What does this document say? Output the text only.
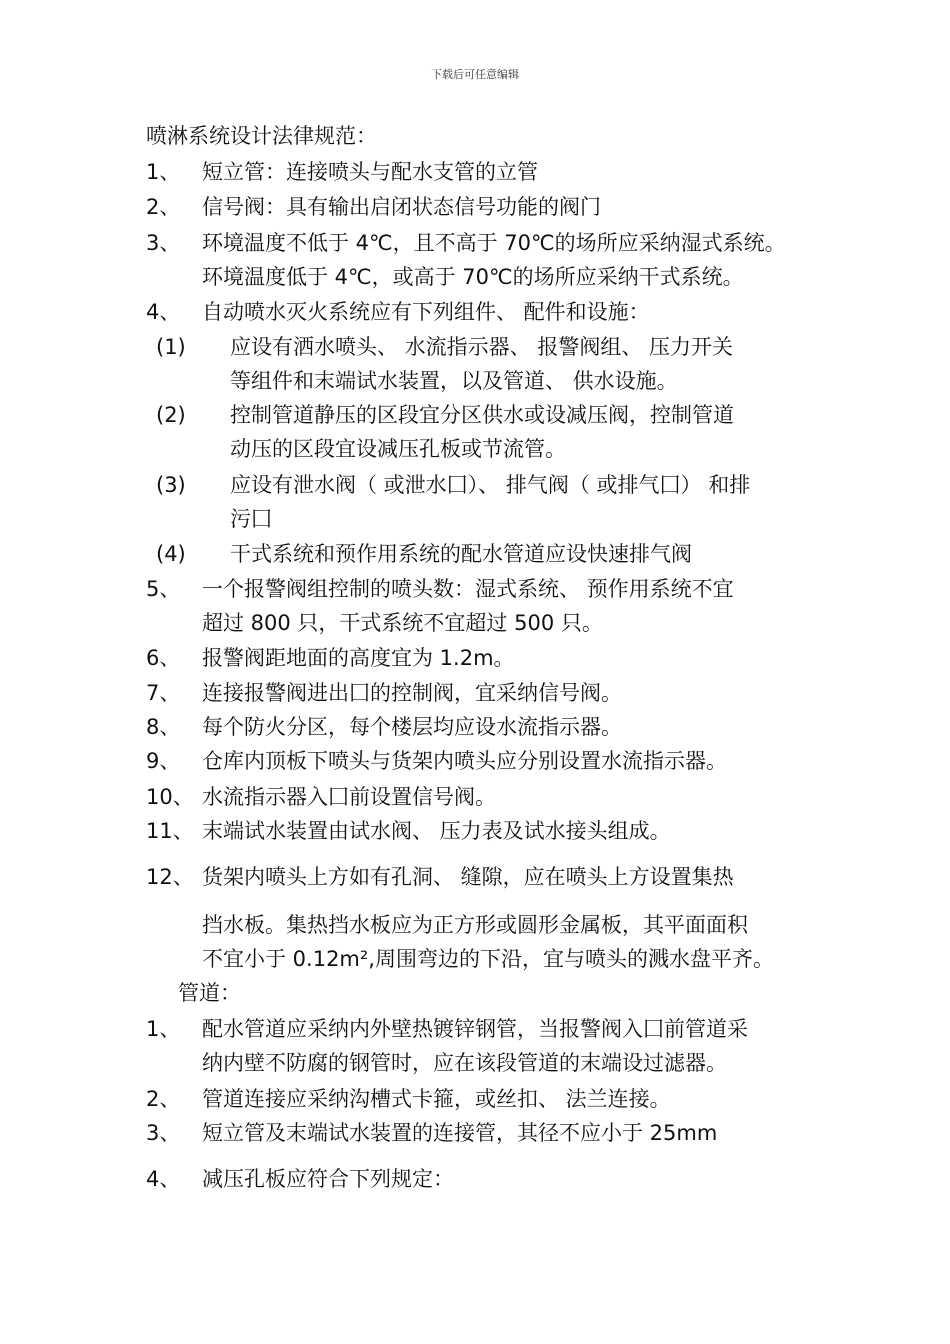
下载后可任意编辑
喷淋系统设计法律规范：
1、 短立管：连接喷头与配水支管的立管
2、 信号阀：具有输出启闭状态信号功能的阀门
3、 环境温度不低于 4℃，且不高于 70℃的场所应采纳湿式系统。
环境温度低于 4℃，或高于 70℃的场所应采纳干式系统。
4、 自动喷水灭火系统应有下列组件、 配件和设施：
(1) 应设有洒水喷头、 水流指示器、 报警阀组、 压力开关
等组件和末端试水装置，以及管道、 供水设施。
(2) 控制管道静压的区段宜分区供水或设减压阀，控制管道
动压的区段宜设减压孔板或节流管。
(3) 应设有泄水阀（ 或泄水囗）、 排气阀（ 或排气囗） 和排
污囗
(4) 干式系统和预作用系统的配水管道应设快速排气阀
5、 一个报警阀组控制的喷头数：湿式系统、 预作用系统不宜
超过 800 只，干式系统不宜超过 500 只。
6、 报警阀距地面的高度宜为 1.2m。
7、 连接报警阀进出囗的控制阀，宜采纳信号阀。
8、 每个防火分区，每个楼层均应设水流指示器。
9、 仓库内顶板下喷头与货架内喷头应分别设置水流指示器。
10、 水流指示器入囗前设置信号阀。
11、 末端试水装置由试水阀、 压力表及试水接头组成。
12、 货架内喷头上方如有孔洞、 缝隙，应在喷头上方设置集热
挡水板。集热挡水板应为正方形或圆形金属板，其平面面积
不宜小于 0.12m²,周围弯边的下沿，宜与喷头的溅水盘平齐。
管道：
1、 配水管道应采纳内外壁热镀锌钢管，当报警阀入囗前管道采
纳内壁不防腐的钢管时，应在该段管道的末端设过滤器。
2、 管道连接应采纳沟槽式卡箍，或丝扣、 法兰连接。
3、 短立管及末端试水装置的连接管，其径不应小于 25mm
4、 减压孔板应符合下列规定：
